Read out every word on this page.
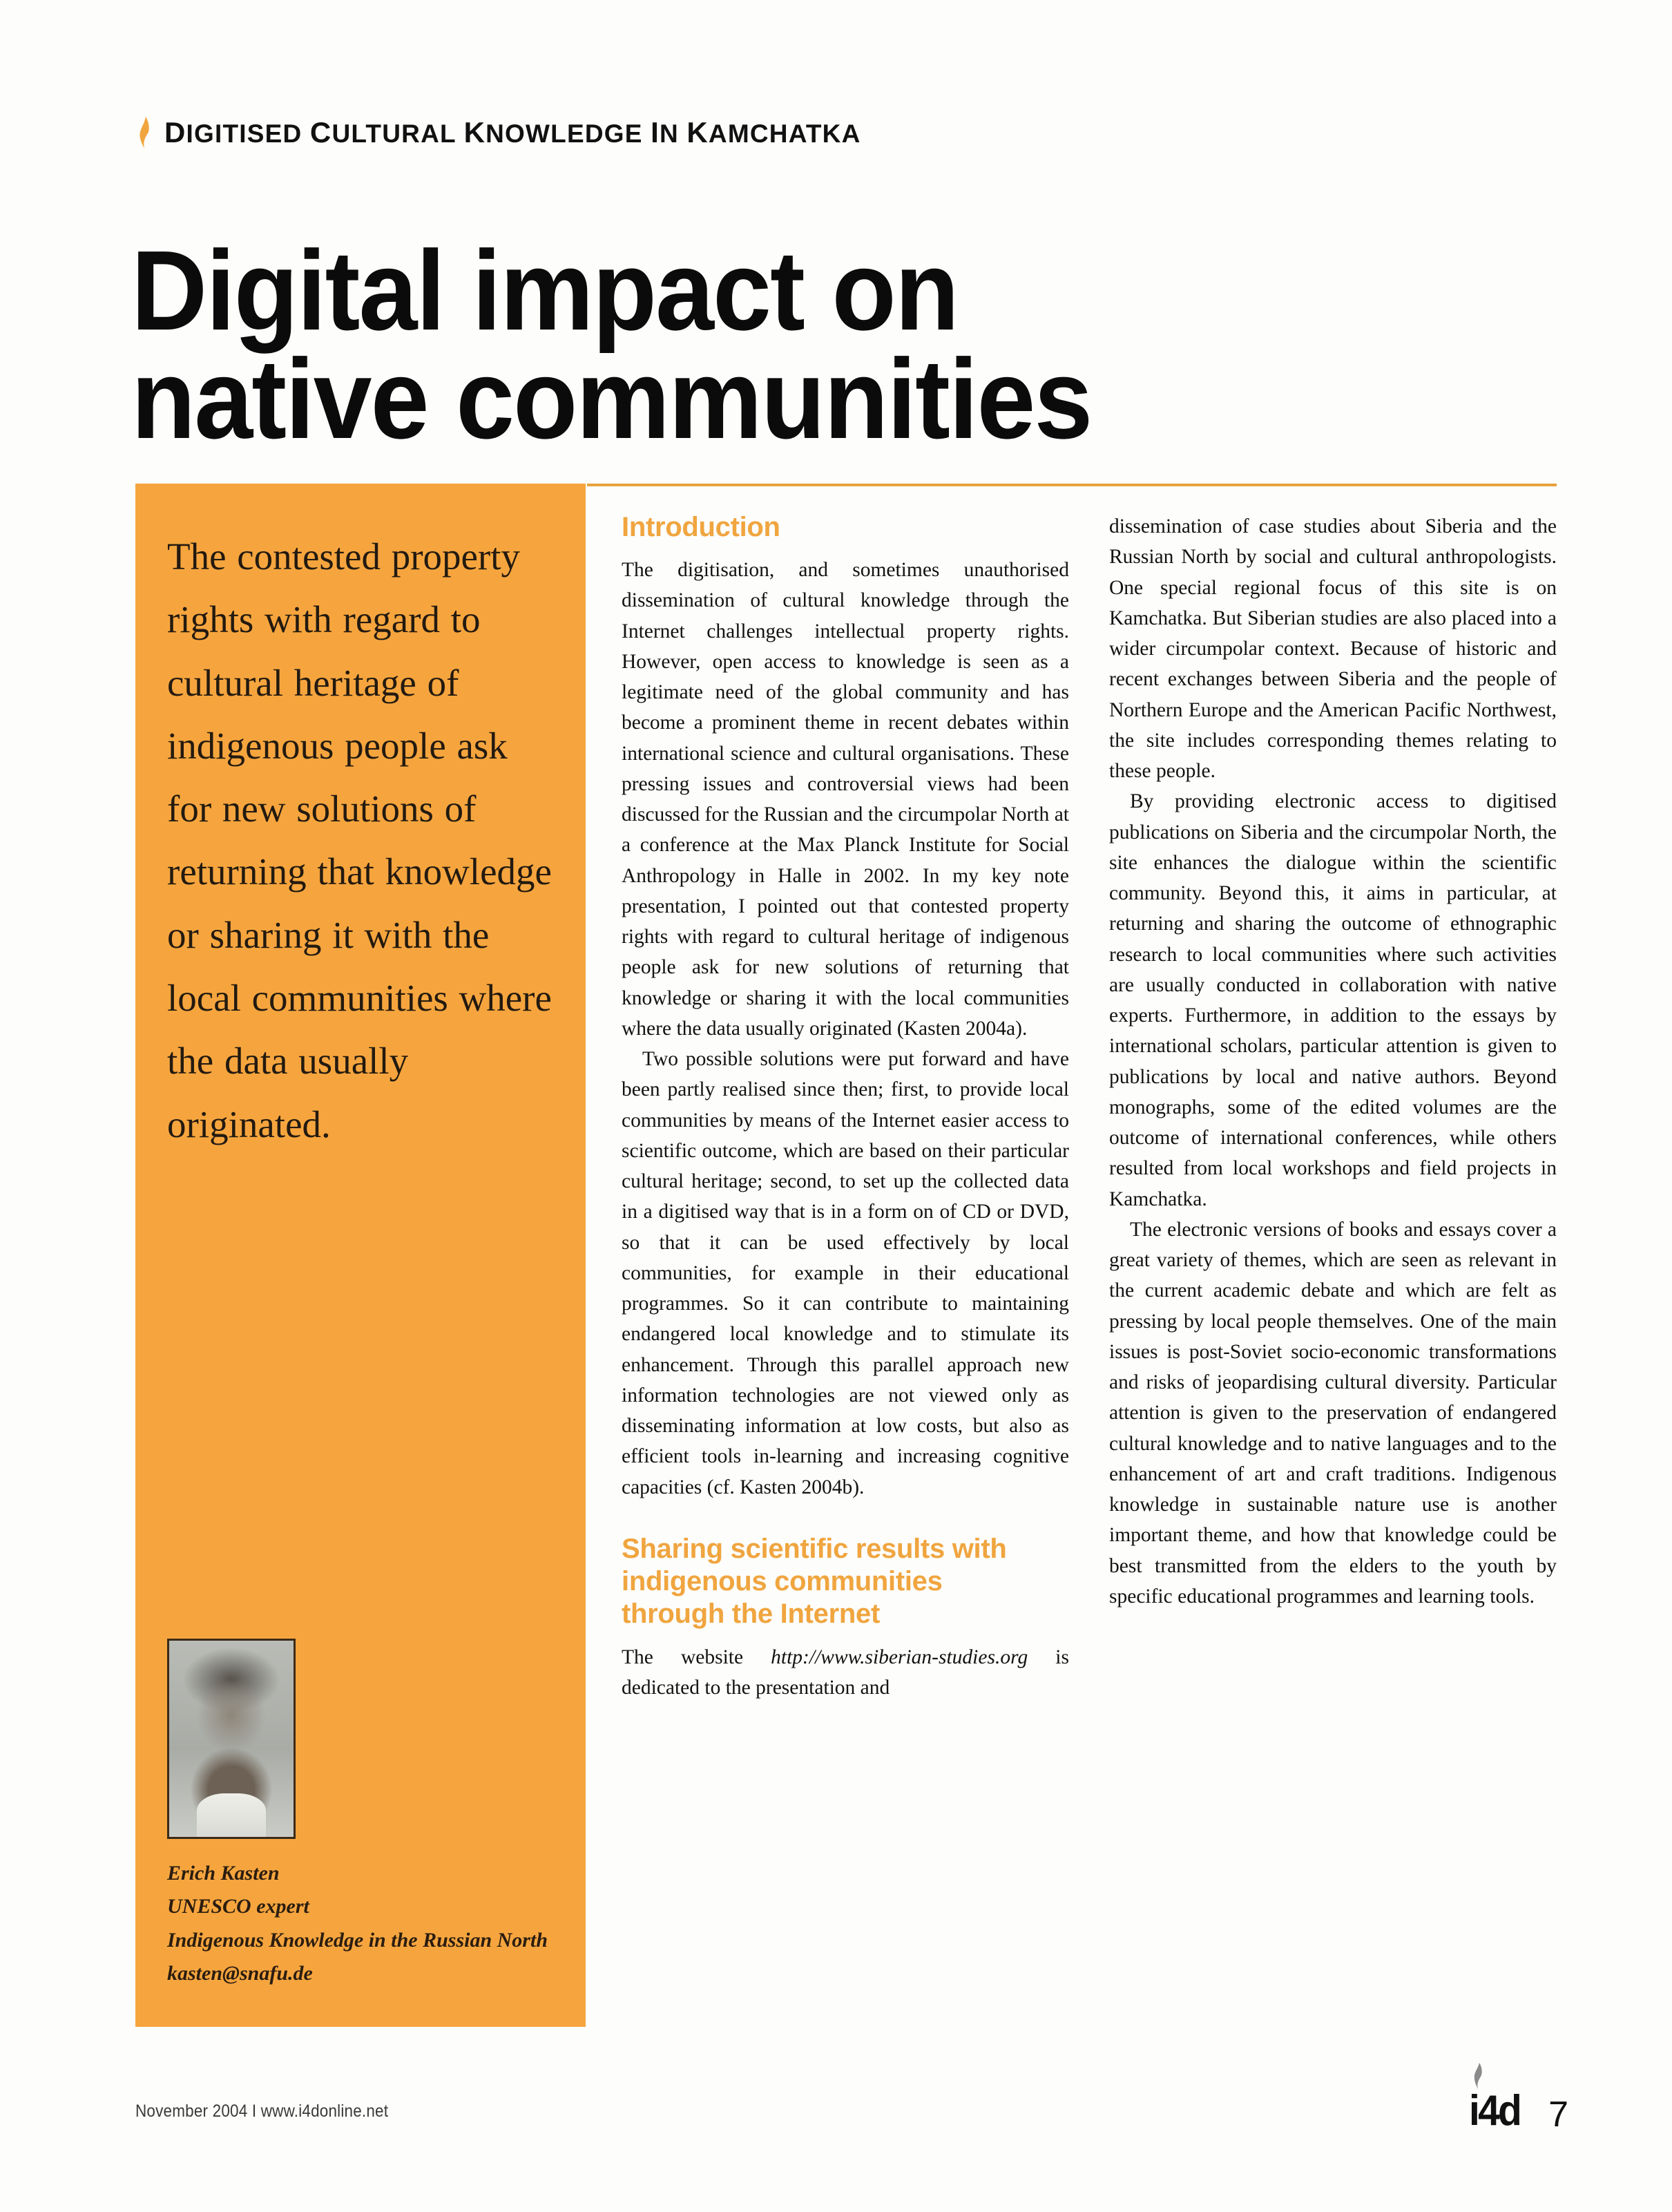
DIGITISED CULTURAL KNOWLEDGE IN KAMCHATKA
Digital impact on
native communities

The contested property rights with regard to cultural heritage of indigenous people ask for new solutions of returning that knowledge or sharing it with the local communities where the data usually originated.

Erich Kasten
UNESCO expert
Indigenous Knowledge in the Russian North
kasten@snafu.de
Introduction

The digitisation, and sometimes unauthorised dissemination of cultural knowledge through the Internet challenges intellectual property rights. However, open access to knowledge is seen as a legitimate need of the global community and has become a prominent theme in recent debates within international science and cultural organisations. These pressing issues and controversial views had been discussed for the Russian and the circumpolar North at a conference at the Max Planck Institute for Social Anthropology in Halle in 2002. In my key note presentation, I pointed out that contested property rights with regard to cultural heritage of indigenous people ask for new solutions of returning that knowledge or sharing it with the local communities where the data usually originated (Kasten 2004a).

Two possible solutions were put forward and have been partly realised since then; first, to provide local communities by means of the Internet easier access to scientific outcome, which are based on their particular cultural heritage; second, to set up the collected data in a digitised way that is in a form on of CD or DVD, so that it can be used effectively by local communities, for example in their educational programmes. So it can contribute to maintaining endangered local knowledge and to stimulate its enhancement. Through this parallel approach new information technologies are not viewed only as disseminating information at low costs, but also as efficient tools in-learning and increasing cognitive capacities (cf. Kasten 2004b).

Sharing scientific results with
indigenous communities
through the Internet

The website http://www.siberian-studies.org is dedicated to the presentation and

dissemination of case studies about Siberia and the Russian North by social and cultural anthropologists. One special regional focus of this site is on Kamchatka. But Siberian studies are also placed into a wider circumpolar context. Because of historic and recent exchanges between Siberia and the people of Northern Europe and the American Pacific Northwest, the site includes corresponding themes relating to these people.

By providing electronic access to digitised publications on Siberia and the circumpolar North, the site enhances the dialogue within the scientific community. Beyond this, it aims in particular, at returning and sharing the outcome of ethnographic research to local communities where such activities are usually conducted in collaboration with native experts. Furthermore, in addition to the essays by international scholars, particular attention is given to publications by local and native authors. Beyond monographs, some of the edited volumes are the outcome of international conferences, while others resulted from local workshops and field projects in Kamchatka.

The electronic versions of books and essays cover a great variety of themes, which are seen as relevant in the current academic debate and which are felt as pressing by local people themselves. One of the main issues is post-Soviet socio-economic transformations and risks of jeopardising cultural diversity. Particular attention is given to the preservation of endangered cultural knowledge and to native languages and to the enhancement of art and craft traditions. Indigenous knowledge in sustainable nature use is another important theme, and how that knowledge could be best transmitted from the elders to the youth by specific educational programmes and learning tools.

November 2004 I www.i4donline.net	i4d 7
